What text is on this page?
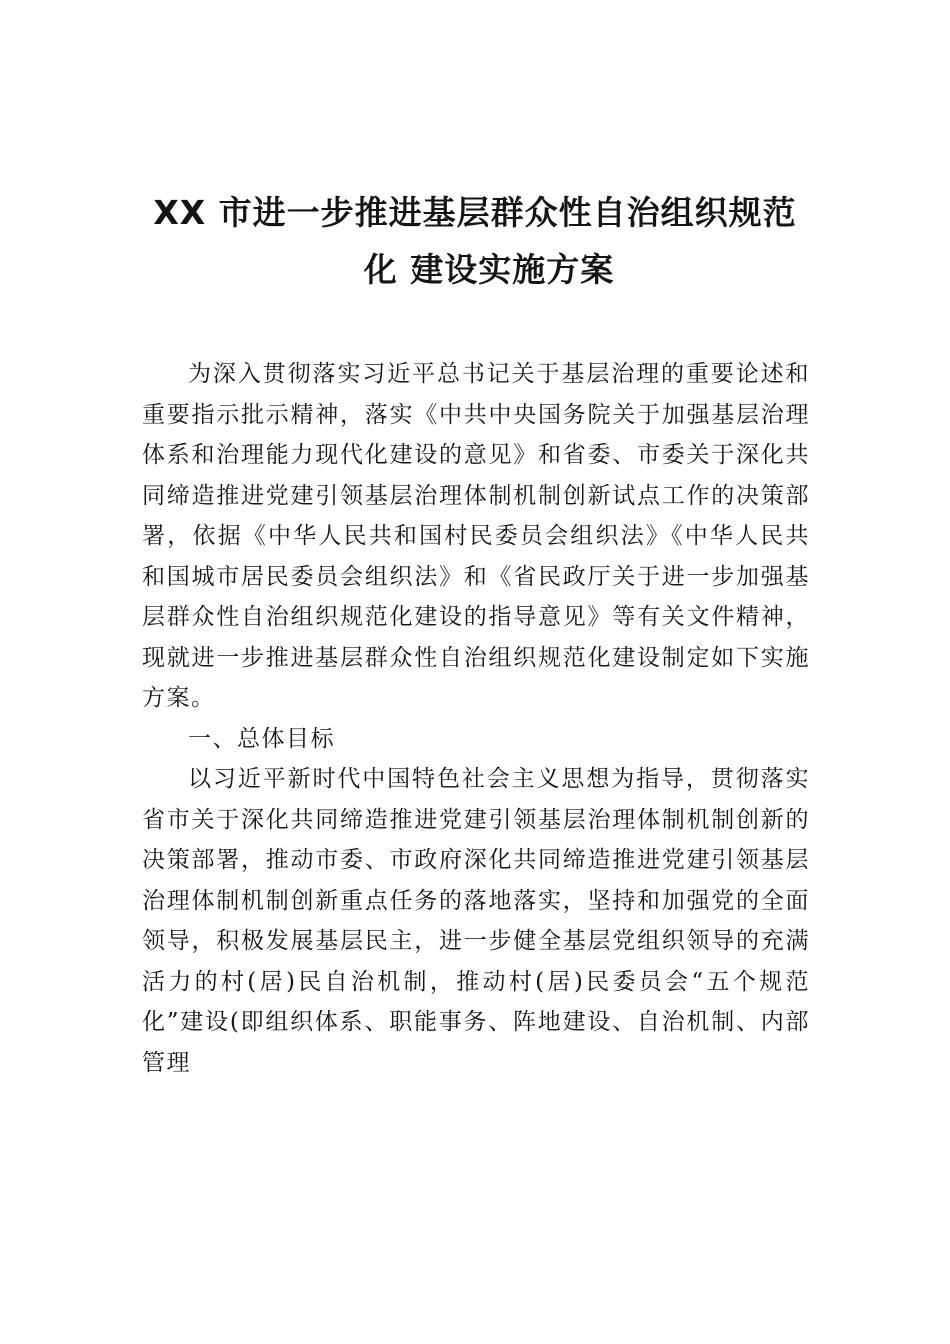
XX 市进一步推进基层群众性自治组织规范
化 建设实施方案

为深入贯彻落实习近平总书记关于基层治理的重要论述和重要指示批示精神，落实《中共中央国务院关于加强基层治理体系和治理能力现代化建设的意见》和省委、市委关于深化共同缔造推进党建引领基层治理体制机制创新试点工作的决策部署，依据《中华人民共和国村民委员会组织法》《中华人民共和国城市居民委员会组织法》和《省民政厅关于进一步加强基层群众性自治组织规范化建设的指导意见》等有关文件精神，现就进一步推进基层群众性自治组织规范化建设制定如下实施方案。

一、总体目标

以习近平新时代中国特色社会主义思想为指导，贯彻落实省市关于深化共同缔造推进党建引领基层治理体制机制创新的决策部署，推动市委、市政府深化共同缔造推进党建引领基层治理体制机制创新重点任务的落地落实，坚持和加强党的全面领导，积极发展基层民主，进一步健全基层党组织领导的充满活力的村(居)民自治机制，推动村(居)民委员会“五个规范化”建设(即组织体系、职能事务、阵地建设、自治机制、内部管理
